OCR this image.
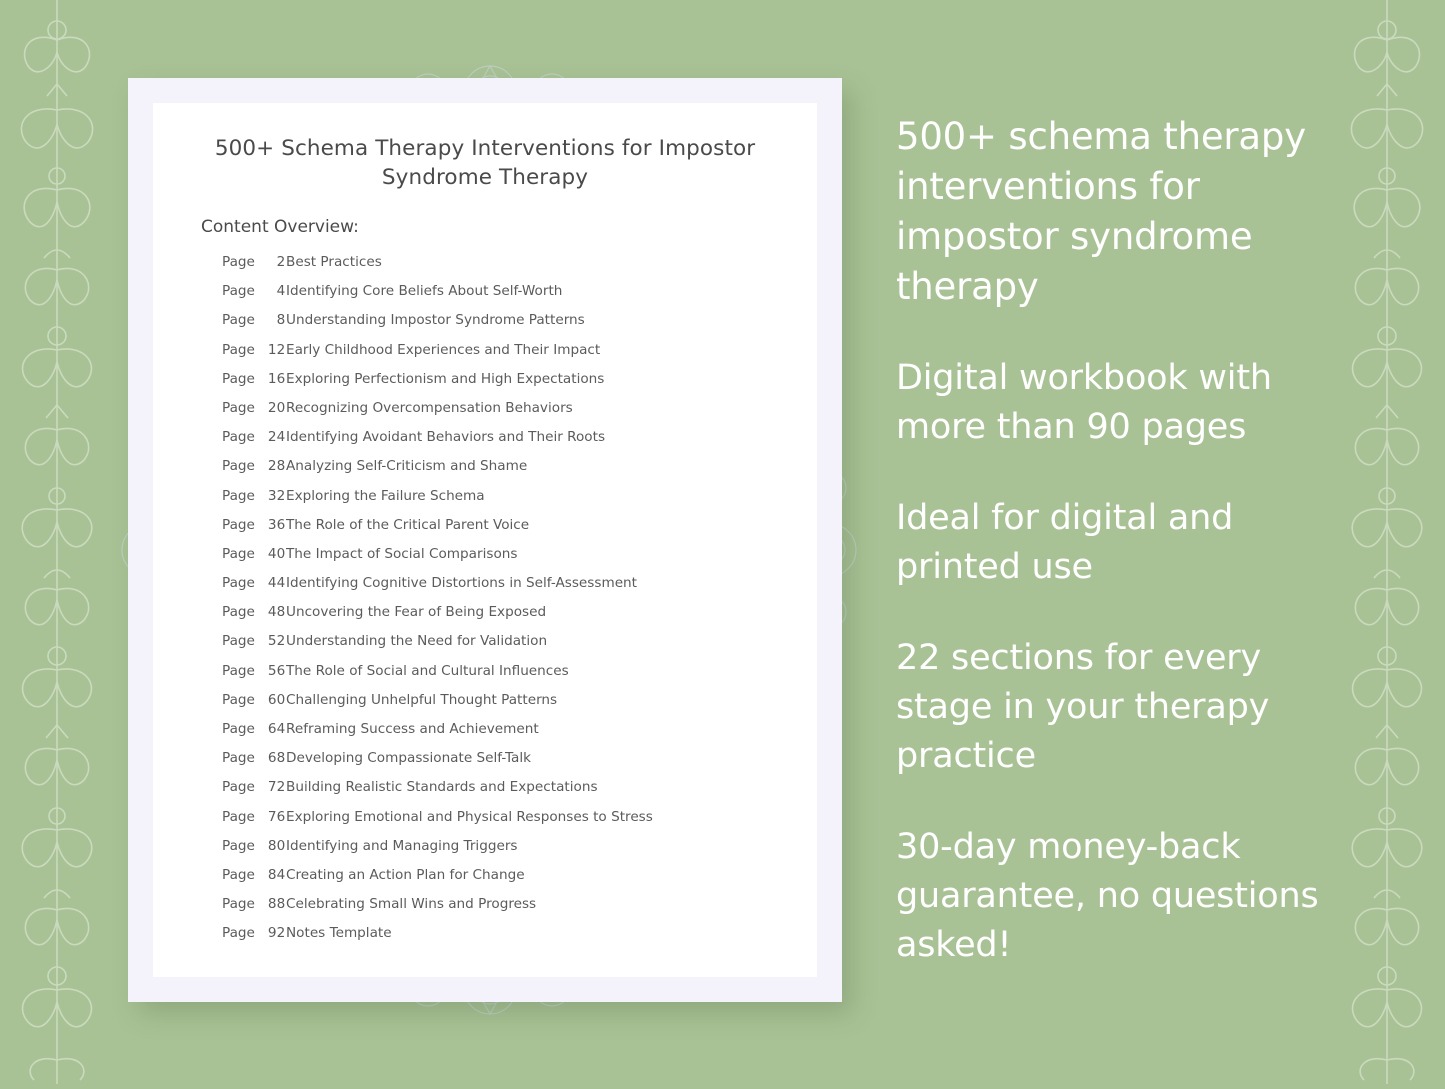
500+ Schema Therapy Interventions for Impostor Syndrome Therapy
Content Overview:
Page 2 Best Practices
Page 4 Identifying Core Beliefs About Self-Worth
Page 8 Understanding Impostor Syndrome Patterns
Page 12 Early Childhood Experiences and Their Impact
Page 16 Exploring Perfectionism and High Expectations
Page 20 Recognizing Overcompensation Behaviors
Page 24 Identifying Avoidant Behaviors and Their Roots
Page 28 Analyzing Self-Criticism and Shame
Page 32 Exploring the Failure Schema
Page 36 The Role of the Critical Parent Voice
Page 40 The Impact of Social Comparisons
Page 44 Identifying Cognitive Distortions in Self-Assessment
Page 48 Uncovering the Fear of Being Exposed
Page 52 Understanding the Need for Validation
Page 56 The Role of Social and Cultural Influences
Page 60 Challenging Unhelpful Thought Patterns
Page 64 Reframing Success and Achievement
Page 68 Developing Compassionate Self-Talk
Page 72 Building Realistic Standards and Expectations
Page 76 Exploring Emotional and Physical Responses to Stress
Page 80 Identifying and Managing Triggers
Page 84 Creating an Action Plan for Change
Page 88 Celebrating Small Wins and Progress
Page 92 Notes Template
500+ schema therapy interventions for impostor syndrome therapy
Digital workbook with more than 90 pages
Ideal for digital and printed use
22 sections for every stage in your therapy practice
30-day money-back guarantee, no questions asked!
